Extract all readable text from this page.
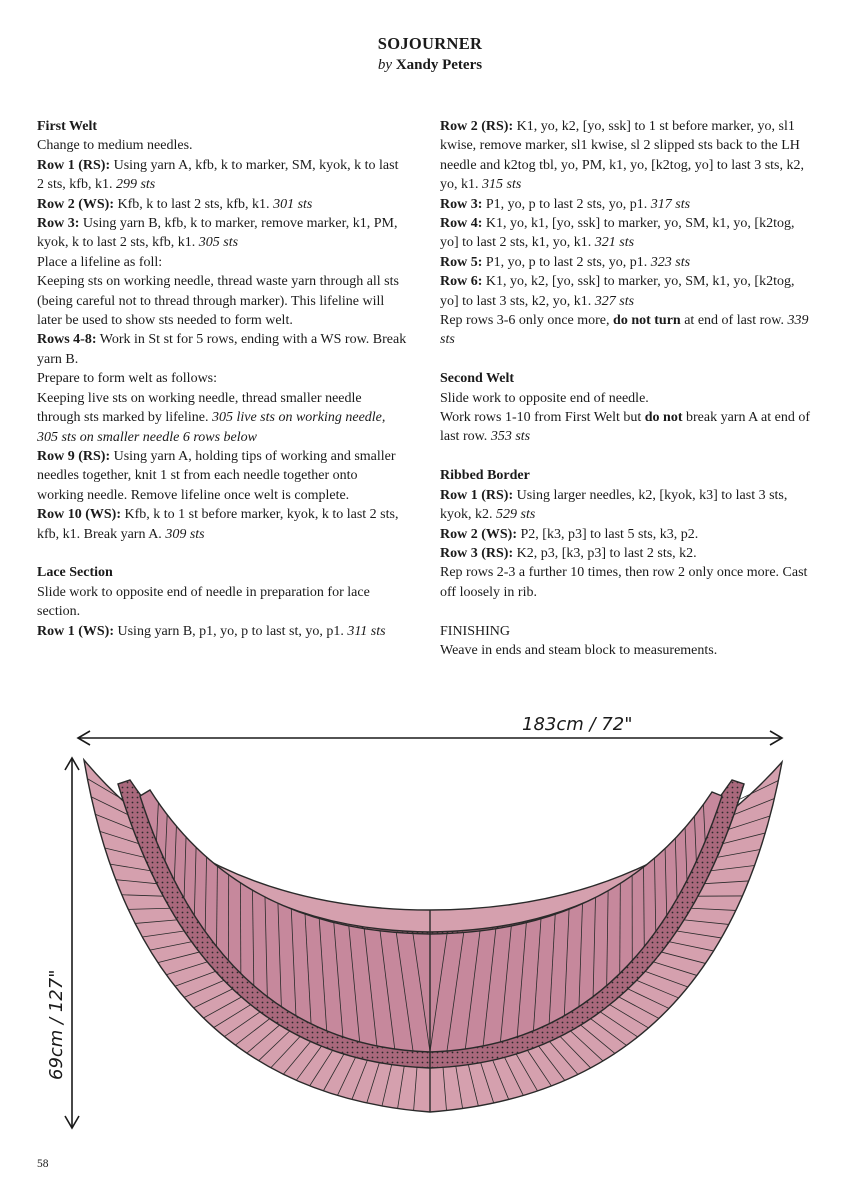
SOJOURNER
by Xandy Peters

First Welt

Change to medium needles.

Row 1 (RS): Using yarn A, kfb, k to marker, SM, kyok, k to last 2 sts, kfb, k1. 299 sts

Row 2 (WS): Kfb, k to last 2 sts, kfb, k1. 301 sts

Row 3: Using yarn B, kfb, k to marker, remove marker, k1, PM, kyok, k to last 2 sts, kfb, k1. 305 sts

Place a lifeline as foll:

Keeping sts on working needle, thread waste yarn through all sts (being careful not to thread through marker). This lifeline will later be used to show sts needed to form welt.

Rows 4-8: Work in St st for 5 rows, ending with a WS row. Break yarn B.

Prepare to form welt as follows:

Keeping live sts on working needle, thread smaller needle through sts marked by lifeline. 305 live sts on working needle, 305 sts on smaller needle 6 rows below

Row 9 (RS): Using yarn A, holding tips of working and smaller needles together, knit 1 st from each needle together onto working needle. Remove lifeline once welt is complete.

Row 10 (WS): Kfb, k to 1 st before marker, kyok, k to last 2 sts, kfb, k1. Break yarn A. 309 sts

Lace Section

Slide work to opposite end of needle in preparation for lace section.

Row 1 (WS): Using yarn B, p1, yo, p to last st, yo, p1. 311 sts

Row 2 (RS): K1, yo, k2, [yo, ssk] to 1 st before marker, yo, sl1 kwise, remove marker, sl1 kwise, sl 2 slipped sts back to the LH needle and k2tog tbl, yo, PM, k1, yo, [k2tog, yo] to last 3 sts, k2, yo, k1. 315 sts

Row 3: P1, yo, p to last 2 sts, yo, p1. 317 sts

Row 4: K1, yo, k1, [yo, ssk] to marker, yo, SM, k1, yo, [k2tog, yo] to last 2 sts, k1, yo, k1. 321 sts

Row 5: P1, yo, p to last 2 sts, yo, p1. 323 sts

Row 6: K1, yo, k2, [yo, ssk] to marker, yo, SM, k1, yo, [k2tog, yo] to last 3 sts, k2, yo, k1. 327 sts

Rep rows 3-6 only once more, do not turn at end of last row. 339 sts

Second Welt

Slide work to opposite end of needle.

Work rows 1-10 from First Welt but do not break yarn A at end of last row. 353 sts

Ribbed Border

Row 1 (RS): Using larger needles, k2, [kyok, k3] to last 3 sts, kyok, k2. 529 sts

Row 2 (WS): P2, [k3, p3] to last 5 sts, k3, p2.

Row 3 (RS): K2, p3, [k3, p3] to last 2 sts, k2.

Rep rows 2-3 a further 10 times, then row 2 only once more. Cast off loosely in rib.

FINISHING

Weave in ends and steam block to measurements.

183cm / 72"
69cm / 127"
58
